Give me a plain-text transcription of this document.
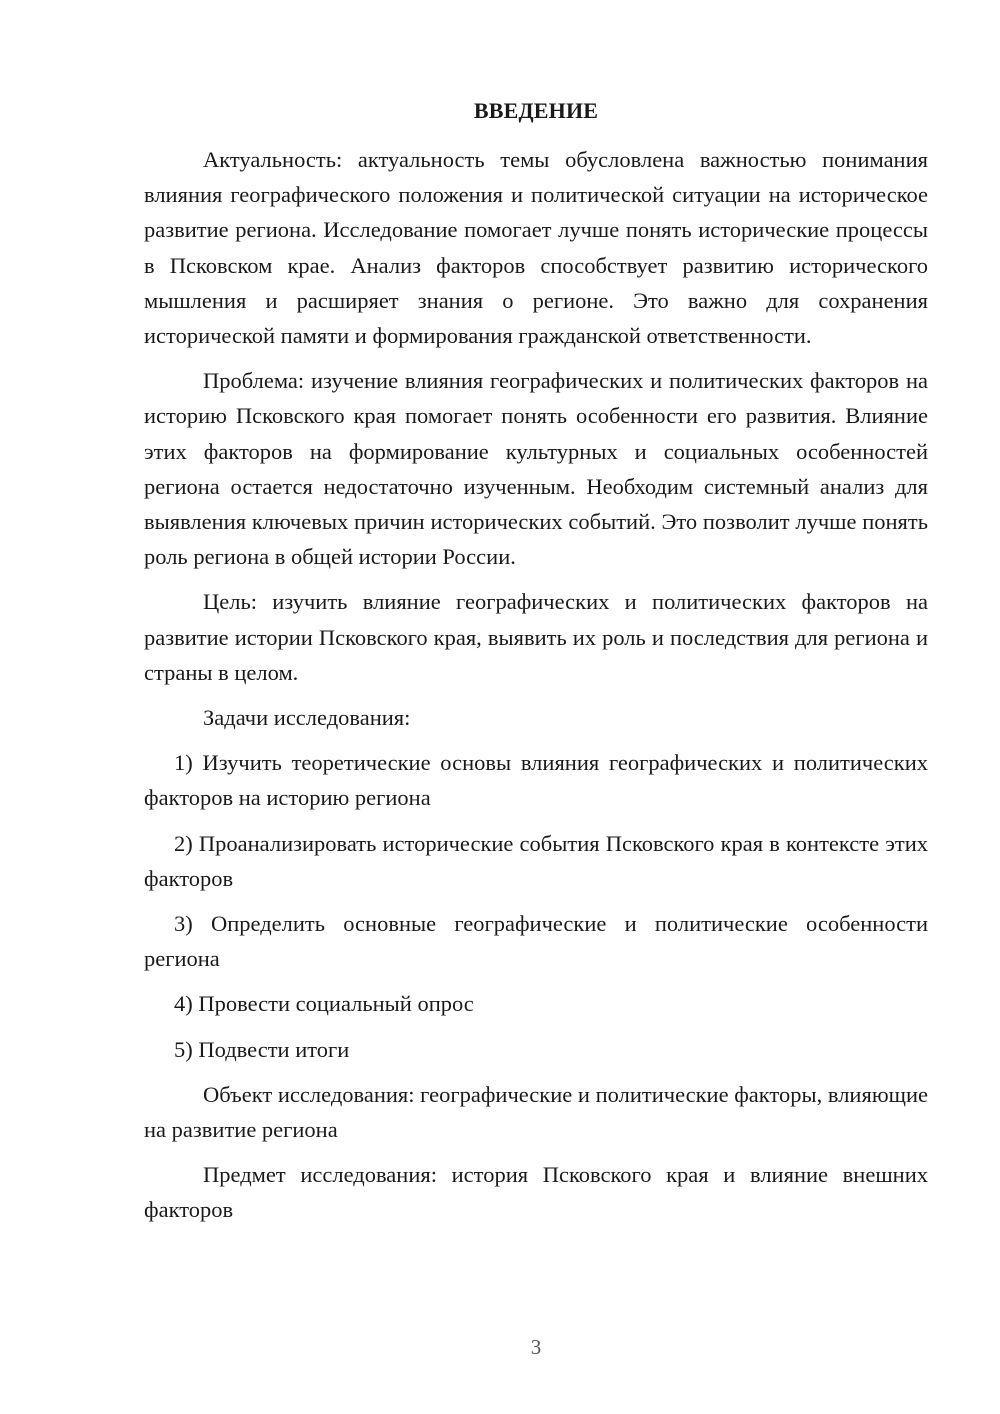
ВВЕДЕНИЕ

Актуальность: актуальность темы обусловлена важностью понимания влияния географического положения и политической ситуации на историческое развитие региона. Исследование помогает лучше понять исторические процессы в Псковском крае. Анализ факторов способствует развитию исторического мышления и расширяет знания о регионе. Это важно для сохранения исторической памяти и формирования гражданской ответственности.

Проблема: изучение влияния географических и политических факторов на историю Псковского края помогает понять особенности его развития. Влияние этих факторов на формирование культурных и социальных особенностей региона остается недостаточно изученным. Необходим системный анализ для выявления ключевых причин исторических событий. Это позволит лучше понять роль региона в общей истории России.

Цель: изучить влияние географических и политических факторов на развитие истории Псковского края, выявить их роль и последствия для региона и страны в целом.

Задачи исследования:

1) Изучить теоретические основы влияния географических и политических факторов на историю региона

2) Проанализировать исторические события Псковского края в контексте этих факторов

3) Определить основные географические и политические особенности региона

4) Провести социальный опрос

5) Подвести итоги

Объект исследования: географические и политические факторы, влияющие на развитие региона

Предмет исследования: история Псковского края и влияние внешних факторов

3
